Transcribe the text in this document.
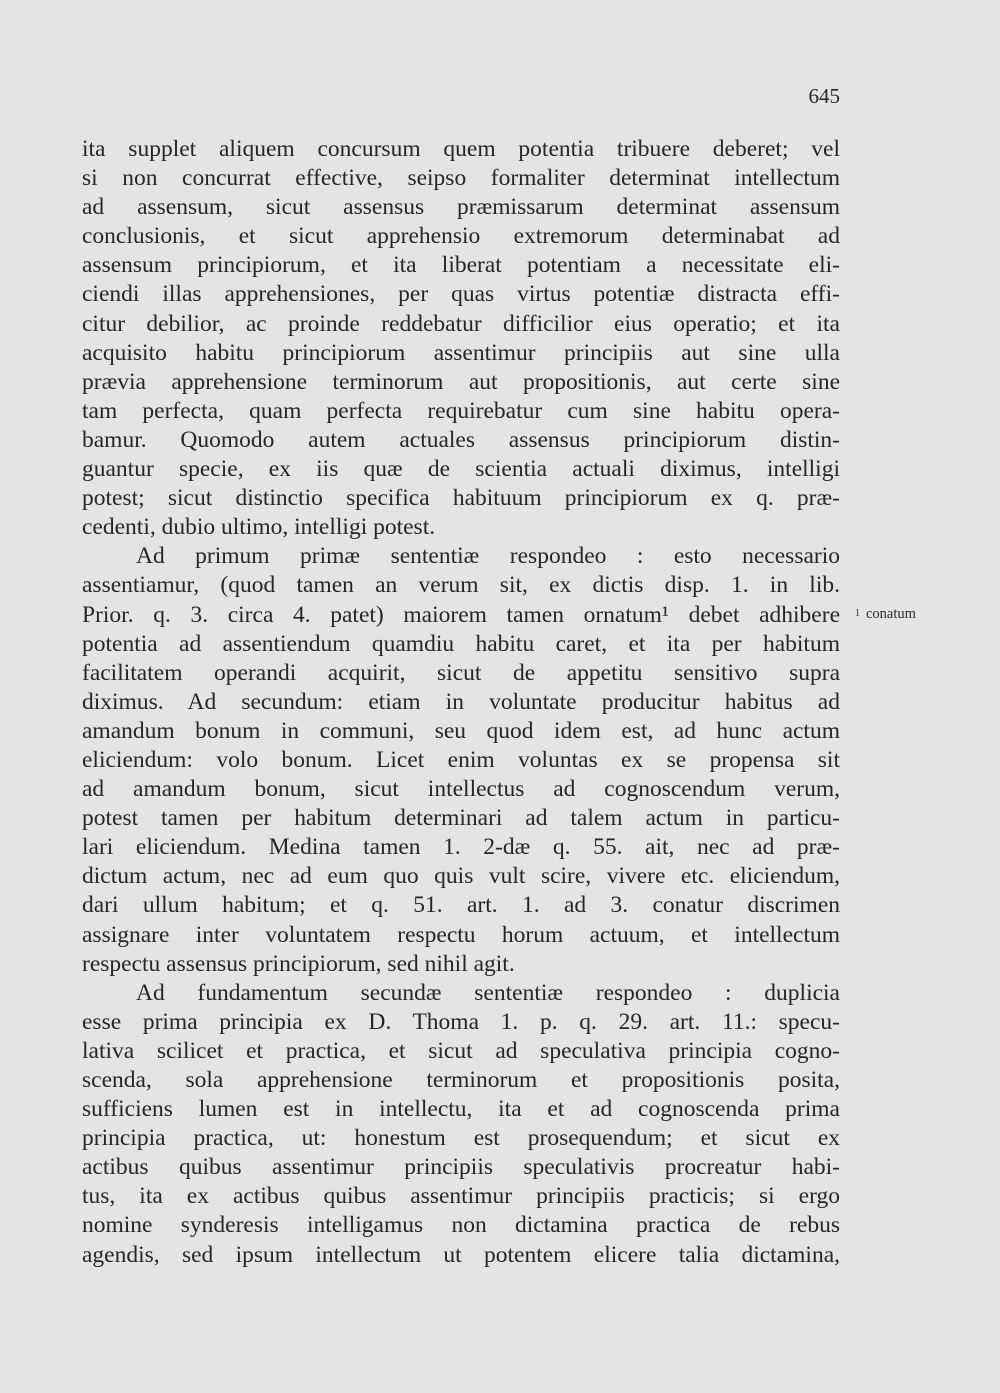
645
ita supplet aliquem concursum quem potentia tribuere deberet; vel
si non concurrat effective, seipso formaliter determinat intellectum
ad assensum, sicut assensus præmissarum determinat assensum
conclusionis, et sicut apprehensio extremorum determinabat ad
assensum principiorum, et ita liberat potentiam a necessitate eli-
ciendi illas apprehensiones, per quas virtus potentiæ distracta effi-
citur debilior, ac proinde reddebatur difficilior eius operatio; et ita
acquisito habitu principiorum assentimur principiis aut sine ulla
prævia apprehensione terminorum aut propositionis, aut certe sine
tam perfecta, quam perfecta requirebatur cum sine habitu opera-
bamur. Quomodo autem actuales assensus principiorum distin-
guantur specie, ex iis quæ de scientia actuali diximus, intelligi
potest; sicut distinctio specifica habituum principiorum ex q. præ-
cedenti, dubio ultimo, intelligi potest.
Ad primum primæ sententiæ respondeo : esto necessario
assentiamur, (quod tamen an verum sit, ex dictis disp. 1. in lib.
Prior. q. 3. circa 4. patet) maiorem tamen ornatum¹ debet adhibere
potentia ad assentiendum quamdiu habitu caret, et ita per habitum
facilitatem operandi acquirit, sicut de appetitu sensitivo supra
diximus. Ad secundum: etiam in voluntate producitur habitus ad
amandum bonum in communi, seu quod idem est, ad hunc actum
eliciendum: volo bonum. Licet enim voluntas ex se propensa sit
ad amandum bonum, sicut intellectus ad cognoscendum verum,
potest tamen per habitum determinari ad talem actum in particu-
lari eliciendum. Medina tamen 1. 2-dæ q. 55. ait, nec ad præ-
dictum actum, nec ad eum quo quis vult scire, vivere etc. eliciendum,
dari ullum habitum; et q. 51. art. 1. ad 3. conatur discrimen
assignare inter voluntatem respectu horum actuum, et intellectum
respectu assensus principiorum, sed nihil agit.
Ad fundamentum secundæ sententiæ respondeo : duplicia
esse prima principia ex D. Thoma 1. p. q. 29. art. 11.: specu-
lativa scilicet et practica, et sicut ad speculativa principia cogno-
scenda, sola apprehensione terminorum et propositionis posita,
sufficiens lumen est in intellectu, ita et ad cognoscenda prima
principia practica, ut: honestum est prosequendum; et sicut ex
actibus quibus assentimur principiis speculativis procreatur habi-
tus, ita ex actibus quibus assentimur principiis practicis; si ergo
nomine synderesis intelligamus non dictamina practica de rebus
agendis, sed ipsum intellectum ut potentem elicere talia dictamina,
$^1$ conatum
